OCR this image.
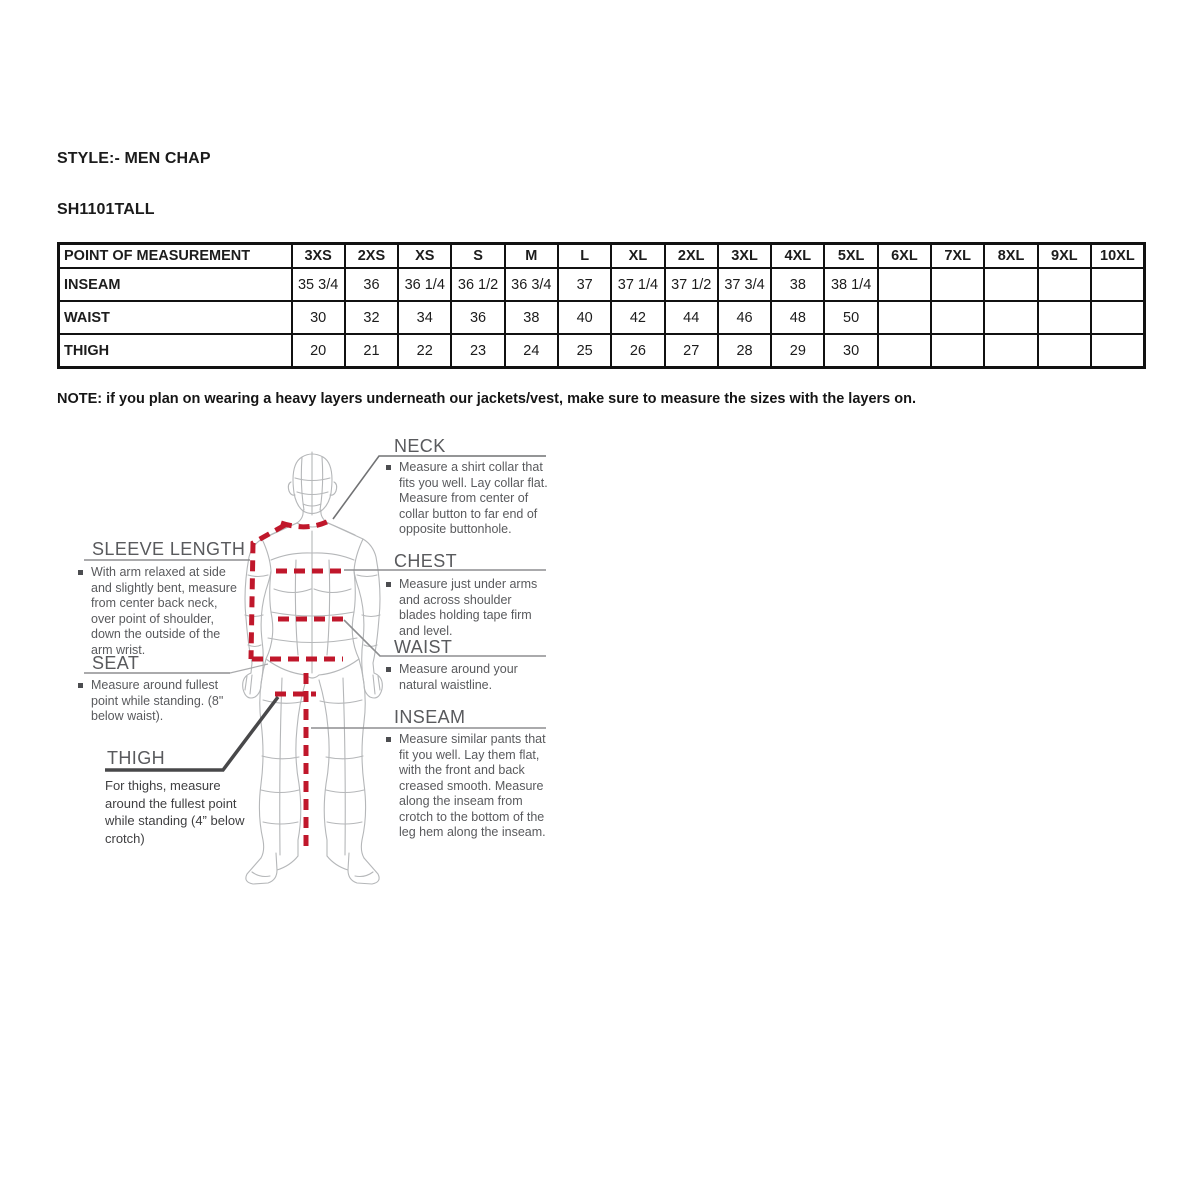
STYLE:- MEN CHAP
SH1101TALL
POINT OF MEASUREMENT	3XS	2XS	XS	S	M	L	XL	2XL	3XL	4XL	5XL	6XL	7XL	8XL	9XL	10XL
INSEAM	35 3/4	36	36 1/4	36 1/2	36 3/4	37	37 1/4	37 1/2	37 3/4	38	38 1/4					
WAIST	30	32	34	36	38	40	42	44	46	48	50					
THIGH	20	21	22	23	24	25	26	27	28	29	30					
NOTE: if you plan on wearing a heavy layers underneath our jackets/vest, make sure to measure the sizes with the layers on.
NECK
Measure a shirt collar that fits you well. Lay collar flat. Measure from center of collar button to far end of opposite buttonhole.
CHEST
Measure just under arms and across shoulder blades holding tape firm and level.
WAIST
Measure around your natural waistline.
INSEAM
Measure similar pants that fit you well. Lay them flat, with the front and back creased smooth. Measure along the inseam from crotch to the bottom of the leg hem along the inseam.
SLEEVE LENGTH
With arm relaxed at side and slightly bent, measure from center back neck, over point of shoulder, down the outside of the arm wrist.
SEAT
Measure around fullest point while standing. (8" below waist).
THIGH
For thighs, measure around the fullest point while standing (4” below crotch)
